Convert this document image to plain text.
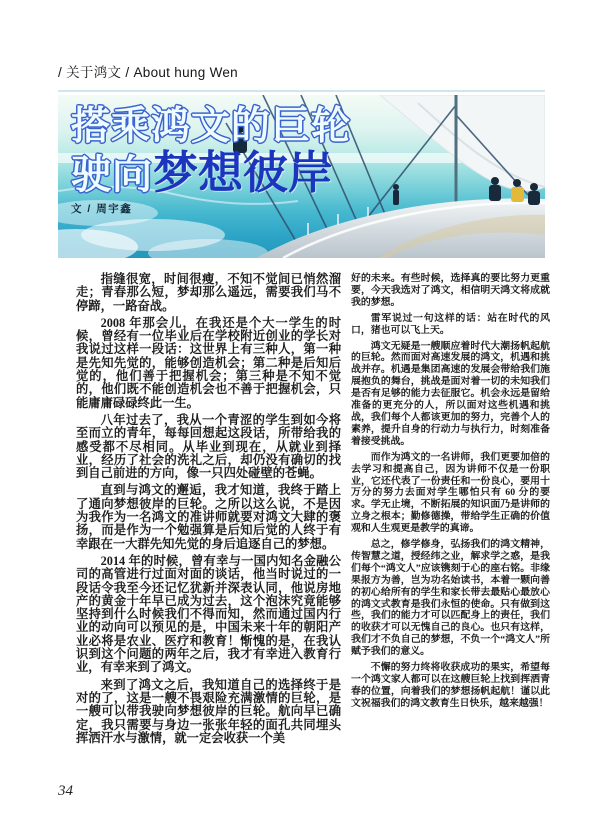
/ 关于鸿文 / About hung Wen
搭乘鸿文的巨轮
驶向梦想彼岸
文 / 周宇鑫

指缝很宽，时间很瘦，不知不觉间已悄然溜走；青春那么短，梦却那么遥远，需要我们马不停蹄，一路奋战。

2008 年那会儿，在我还是个大一学生的时候，曾经有一位毕业后在学校附近创业的学长对我说过这样一段话：这世界上有三种人，第一种是先知先觉的，能够创造机会；第二种是后知后觉的，他们善于把握机会；第三种是不知不觉的，他们既不能创造机会也不善于把握机会，只能庸庸碌碌终此一生。

八年过去了，我从一个青涩的学生到如今将至而立的青年，每每回想起这段话，所带给我的感受都不尽相同。从毕业到现在，从就业到择业，经历了社会的洗礼之后，却仍没有确切的找到自己前进的方向，像一只四处碰壁的苍蝇。

直到与鸿文的邂逅，我才知道，我终于踏上了通向梦想彼岸的巨轮。之所以这么说，不是因为我作为一名鸿文的准讲师就要对鸿文大肆的褒扬，而是作为一个勉强算是后知后觉的人终于有幸跟在一大群先知先觉的身后追逐自己的梦想。

2014 年的时候，曾有幸与一国内知名金融公司的高管进行过面对面的谈话，他当时说过的一段话令我至今还记忆犹新并深表认同，他说房地产的黄金十年早已成为过去，这个泡沫究竟能够坚持到什么时候我们不得而知，然而通过国内行业的动向可以预见的是，中国未来十年的朝阳产业必将是农业、医疗和教育！惭愧的是，在我认识到这个问题的两年之后，我才有幸进入教育行业，有幸来到了鸿文。

来到了鸿文之后，我知道自己的选择终于是对的了，这是一艘不畏艰险充满激情的巨轮，是一艘可以带我驶向梦想彼岸的巨轮。航向早已确定，我只需要与身边一张张年轻的面孔共同埋头挥洒汗水与激情，就一定会收获一个美

好的未来。有些时候，选择真的要比努力更重要，今天我选对了鸿文，相信明天鸿文将成就我的梦想。

雷军说过一句这样的话：站在时代的风口，猪也可以飞上天。

鸿文无疑是一艘顺应着时代大潮扬帆起航的巨轮。然而面对高速发展的鸿文，机遇和挑战并存。机遇是集团高速的发展会带给我们施展抱负的舞台，挑战是面对着一切的未知我们是否有足够的能力去征服它。机会永远是留给准备的更充分的人，所以面对这些机遇和挑战，我们每个人都该更加的努力，完善个人的素养，提升自身的行动力与执行力，时刻准备着接受挑战。

而作为鸿文的一名讲师，我们更要加倍的去学习和提高自己，因为讲师不仅是一份职业，它还代表了一份责任和一份良心，要用十万分的努力去面对学生哪怕只有 60 分的要求。学无止境，不断拓展的知识面乃是讲师的立身之根本；勤修德操，带给学生正确的价值观和人生观更是教学的真谛。

总之，修学修身，弘扬我们的鸿文精神，传智慧之道，授经纬之业，解求学之惑，是我们每个“鸿文人”应该镌刻于心的座右铭。非缘果报方为善，岂为功名始读书，本着一颗向善的初心给所有的学生和家长带去最贴心最放心的鸿文式教育是我们永恒的使命。只有做到这些，我们的能力才可以匹配身上的责任，我们的收获才可以无愧自己的良心。也只有这样，我们才不负自己的梦想，不负一个“鸿文人”所赋予我们的意义。

不懈的努力终将收获成功的果实，希望每一个鸿文家人都可以在这艘巨轮上找到挥洒青春的位置，向着我们的梦想扬帆起航！谨以此文祝福我们的鸿文教育生日快乐，越来越强！

34
